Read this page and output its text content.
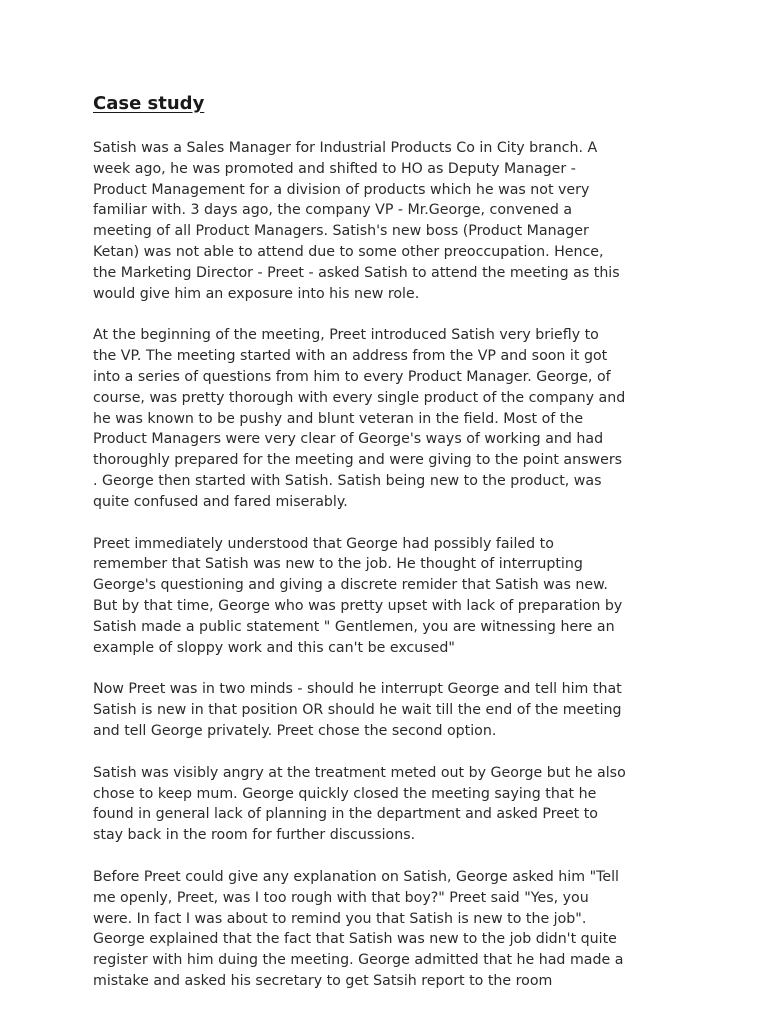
Case study

Satish was a Sales Manager for Industrial Products Co in City branch. A
week ago, he was promoted and shifted to HO as Deputy Manager -
Product Management for a division of products which he was not very
familiar with. 3 days ago, the company VP - Mr.George, convened a
meeting of all Product Managers. Satish's new boss (Product Manager
Ketan) was not able to attend due to some other preoccupation. Hence,
the Marketing Director - Preet - asked Satish to attend the meeting as this
would give him an exposure into his new role.

At the beginning of the meeting, Preet introduced Satish very briefly to
the VP. The meeting started with an address from the VP and soon it got
into a series of questions from him to every Product Manager. George, of
course, was pretty thorough with every single product of the company and
he was known to be pushy and blunt veteran in the field. Most of the
Product Managers were very clear of George's ways of working and had
thoroughly prepared for the meeting and were giving to the point answers
. George then started with Satish. Satish being new to the product, was
quite confused and fared miserably.

Preet immediately understood that George had possibly failed to
remember that Satish was new to the job. He thought of interrupting
George's questioning and giving a discrete remider that Satish was new.
But by that time, George who was pretty upset with lack of preparation by
Satish made a public statement " Gentlemen, you are witnessing here an
example of sloppy work and this can't be excused"

Now Preet was in two minds - should he interrupt George and tell him that
Satish is new in that position OR should he wait till the end of the meeting
and tell George privately. Preet chose the second option.

Satish was visibly angry at the treatment meted out by George but he also
chose to keep mum. George quickly closed the meeting saying that he
found in general lack of planning in the department and asked Preet to
stay back in the room for further discussions.

Before Preet could give any explanation on Satish, George asked him "Tell
me openly, Preet, was I too rough with that boy?" Preet said "Yes, you
were. In fact I was about to remind you that Satish is new to the job".
George explained that the fact that Satish was new to the job didn't quite
register with him duing the meeting. George admitted that he had made a
mistake and asked his secretary to get Satsih report to the room
